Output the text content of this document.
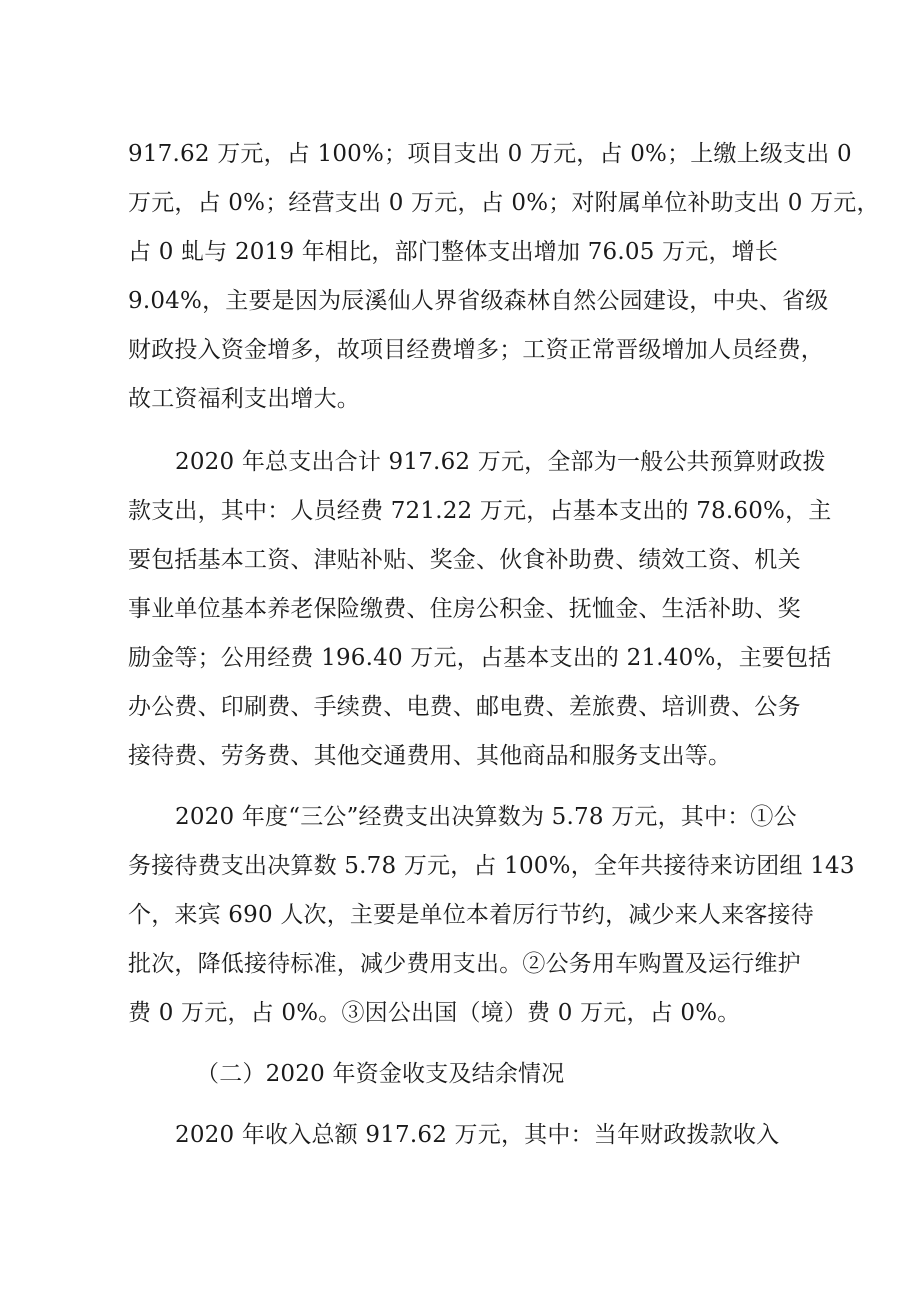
917.62 万元，占 100%；项目支出 0 万元，占 0%；上缴上级支出 0
万元，占 0%；经营支出 0 万元，占 0%；对附属单位补助支出 0 万元，
占 0 虬与 2019 年相比，部门整体支出增加 76.05 万元，增长
9.04%，主要是因为辰溪仙人界省级森林自然公园建设，中央、省级
财政投入资金增多，故项目经费增多；工资正常晋级增加人员经费，
故工资福利支出增大。
2020 年总支出合计 917.62 万元，全部为一般公共预算财政拨
款支出，其中：人员经费 721.22 万元，占基本支出的 78.60%，主
要包括基本工资、津贴补贴、奖金、伙食补助费、绩效工资、机关
事业单位基本养老保险缴费、住房公积金、抚恤金、生活补助、奖
励金等；公用经费 196.40 万元，占基本支出的 21.40%，主要包括
办公费、印刷费、手续费、电费、邮电费、差旅费、培训费、公务
接待费、劳务费、其他交通费用、其他商品和服务支出等。
2020 年度“三公”经费支出决算数为 5.78 万元，其中：①公
务接待费支出决算数 5.78 万元，占 100%，全年共接待来访团组 143
个，来宾 690 人次，主要是单位本着厉行节约，减少来人来客接待
批次，降低接待标准，减少费用支出。②公务用车购置及运行维护
费 0 万元，占 0%。③因公出国（境）费 0 万元，占 0%。
（二）2020 年资金收支及结余情况
2020 年收入总额 917.62 万元，其中：当年财政拨款收入
